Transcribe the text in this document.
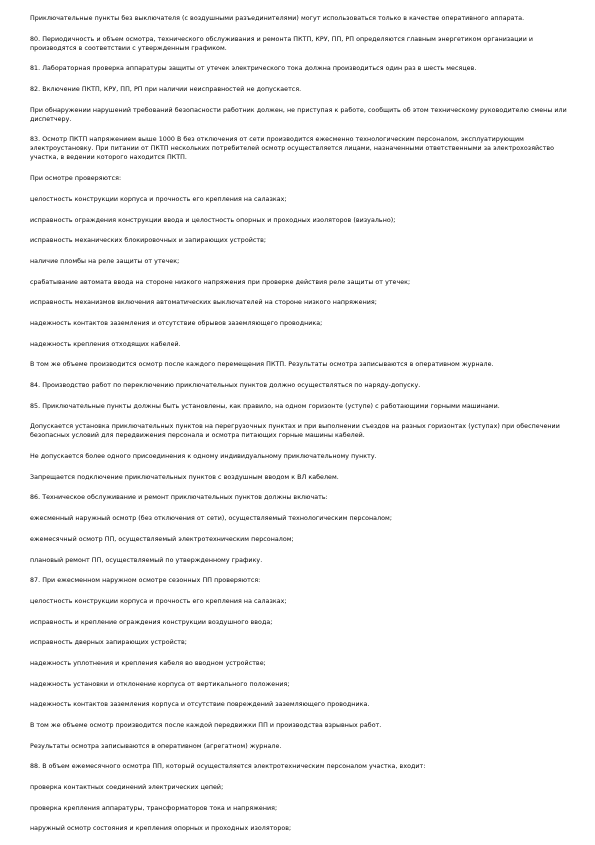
Приключательные пункты без выключателя (с воздушными разъединителями) могут использоваться только в качестве оперативного аппарата.

80. Периодичность и объем осмотра, технического обслуживания и ремонта ПКТП, КРУ, ПП, РП определяются главным энергетиком организации и производятся в соответствии с утвержденным графиком.

81. Лабораторная проверка аппаратуры защиты от утечек электрического тока должна производиться один раз в шесть месяцев.

82. Включение ПКТП, КРУ, ПП, РП при наличии неисправностей не допускается.

При обнаружении нарушений требований безопасности работник должен, не приступая к работе, сообщить об этом техническому руководителю смены или диспетчеру.

83. Осмотр ПКТП напряжением выше 1000 В без отключения от сети производится ежесменно технологическим персоналом, эксплуатирующим электроустановку. При питании от ПКТП нескольких потребителей осмотр осуществляется лицами, назначенными ответственными за электрохозяйство участка, в ведении которого находится ПКТП.

При осмотре проверяются:

целостность конструкции корпуса и прочность его крепления на салазках;

исправность ограждения конструкции ввода и целостность опорных и проходных изоляторов (визуально);

исправность механических блокировочных и запирающих устройств;

наличие пломбы на реле защиты от утечек;

срабатывание автомата ввода на стороне низкого напряжения при проверке действия реле защиты от утечек;

исправность механизмов включения автоматических выключателей на стороне низкого напряжения;

надежность контактов заземления и отсутствие обрывов заземляющего проводника;

надежность крепления отходящих кабелей.

В том же объеме производится осмотр после каждого перемещения ПКТП. Результаты осмотра записываются в оперативном журнале.

84. Производство работ по переключению приключательных пунктов должно осуществляться по наряду-допуску.

85. Приключательные пункты должны быть установлены, как правило, на одном горизонте (уступе) с работающими горными машинами.

Допускается установка приключательных пунктов на перегрузочных пунктах и при выполнении съездов на разных горизонтах (уступах) при обеспечении безопасных условий для передвижения персонала и осмотра питающих горные машины кабелей.

Не допускается более одного присоединения к одному индивидуальному приключательному пункту.

Запрещается подключение приключательных пунктов с воздушным вводом к ВЛ кабелем.

86. Техническое обслуживание и ремонт приключательных пунктов должны включать:

ежесменный наружный осмотр (без отключения от сети), осуществляемый технологическим персоналом;

ежемесячный осмотр ПП, осуществляемый электротехническим персоналом;

плановый ремонт ПП, осуществляемый по утвержденному графику.

87. При ежесменном наружном осмотре сезонных ПП проверяются:

целостность конструкции корпуса и прочность его крепления на салазках;

исправность и крепление ограждения конструкции воздушного ввода;

исправность дверных запирающих устройств;

надежность уплотнения и крепления кабеля во вводном устройстве;

надежность установки и отклонение корпуса от вертикального положения;

надежность контактов заземления корпуса и отсутствие повреждений заземляющего проводника.

В том же объеме осмотр производится после каждой передвижки ПП и производства взрывных работ.

Результаты осмотра записываются в оперативном (агрегатном) журнале.

88. В объем ежемесячного осмотра ПП, который осуществляется электротехническим персоналом участка, входит:

проверка контактных соединений электрических цепей;

проверка крепления аппаратуры, трансформаторов тока и напряжения;

наружный осмотр состояния и крепления опорных и проходных изоляторов;
